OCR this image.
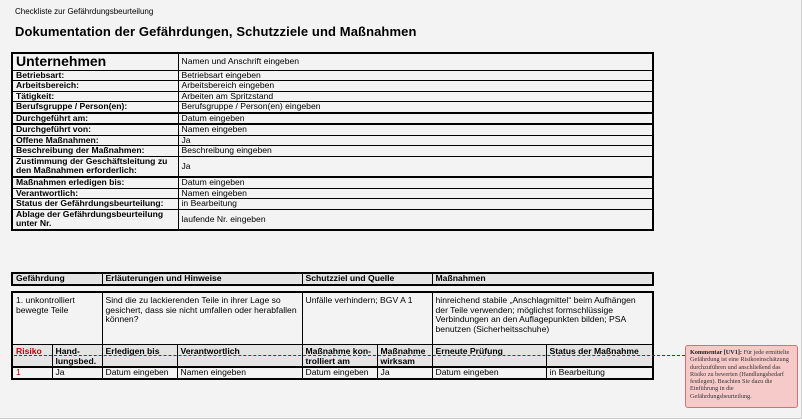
Checkliste zur Gefährdungsbeurteilung
Dokumentation der Gefährdungen, Schutzziele und Maßnahmen
Unternehmen	Namen und Anschrift eingeben
Betriebsart:	Betriebsart eingeben
Arbeitsbereich:	Arbeitsbereich eingeben
Tätigkeit:	Arbeiten am Spritzstand
Berufsgruppe / Person(en):	Berufsgruppe / Person(en) eingeben
Durchgeführt am:	Datum eingeben
Durchgeführt von:	Namen eingeben
Offene Maßnahmen:	Ja
Beschreibung der Maßnahmen:	Beschreibung eingeben
Zustimmung der Geschäftsleitung zu den Maßnahmen erforderlich:	Ja
Maßnahmen erledigen bis:	Datum eingeben
Verantwortlich:	Namen eingeben
Status der Gefährdungsbeurteilung:	in Bearbeitung
Ablage der Gefährdungsbeurteilung unter Nr.	laufende Nr. eingeben
Gefährdung	Erläuterungen und Hinweise	Schutzziel und Quelle	Maßnahmen
1. unkontrolliert bewegte Teile		Sind die zu lackierenden Teile in ihrer Lage so gesichert, dass sie nicht umfallen oder herabfallen können?		Unfälle verhindern; BGV A 1		hinreichend stabile „Anschlagmittel“ beim Aufhängen der Teile verwenden; möglichst formschlüssige Verbindungen an den Auflagepunkten bilden; PSA benutzen (Sicherheitsschuhe)	
Risiko	Hand-lungsbed.	Erledigen bis	Verantwortlich	Maßnahme kon-trolliert am	Maßnahme wirksam	Erneute Prüfung	Status der Maßnahme
1	Ja	Datum eingeben	Namen eingeben	Datum eingeben	Ja	Datum eingeben	in Bearbeitung
Kommentar [UV1]: Für jede ermittelte Gefährdung ist eine Risikoeinschätzung durchzuführen und anschließend das Risiko zu bewerten (Handlungsbedarf festlegen). Beachten Sie dazu die Einführung in die Gefährdungsbeurteilung.
